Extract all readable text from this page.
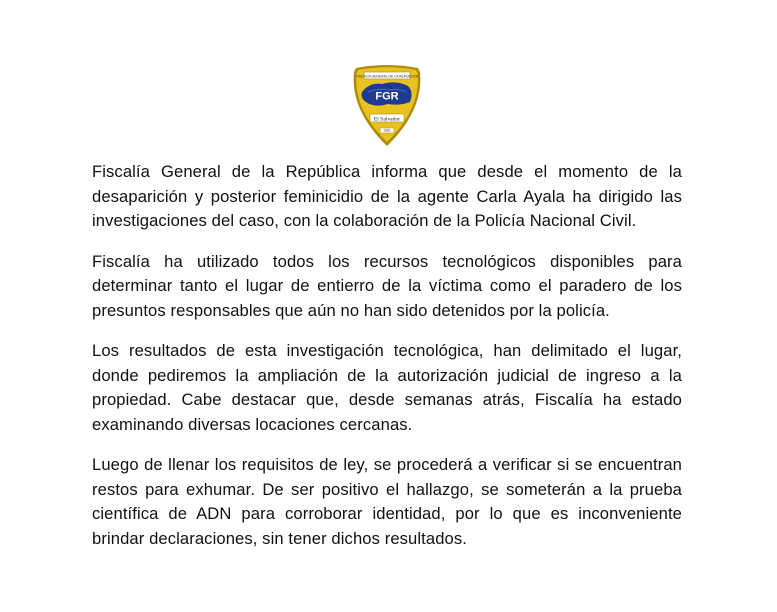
FISCALÍA GENERAL DE LA REPÚBLICA
FGR
El Salvador
1985

Fiscalía General de la República informa que desde el momento de la desaparición y posterior feminicidio de la agente Carla Ayala ha dirigido las investigaciones del caso, con la colaboración de la Policía Nacional Civil.

Fiscalía ha utilizado todos los recursos tecnológicos disponibles para determinar tanto el lugar de entierro de la víctima como el paradero de los presuntos responsables que aún no han sido detenidos por la policía.

Los resultados de esta investigación tecnológica, han delimitado el lugar, donde pediremos la ampliación de la autorización judicial de ingreso a la propiedad. Cabe destacar que, desde semanas atrás, Fiscalía ha estado examinando diversas locaciones cercanas.

Luego de llenar los requisitos de ley, se procederá a verificar si se encuentran restos para exhumar. De ser positivo el hallazgo, se someterán a la prueba científica de ADN para corroborar identidad, por lo que es inconveniente brindar declaraciones, sin tener dichos resultados.
